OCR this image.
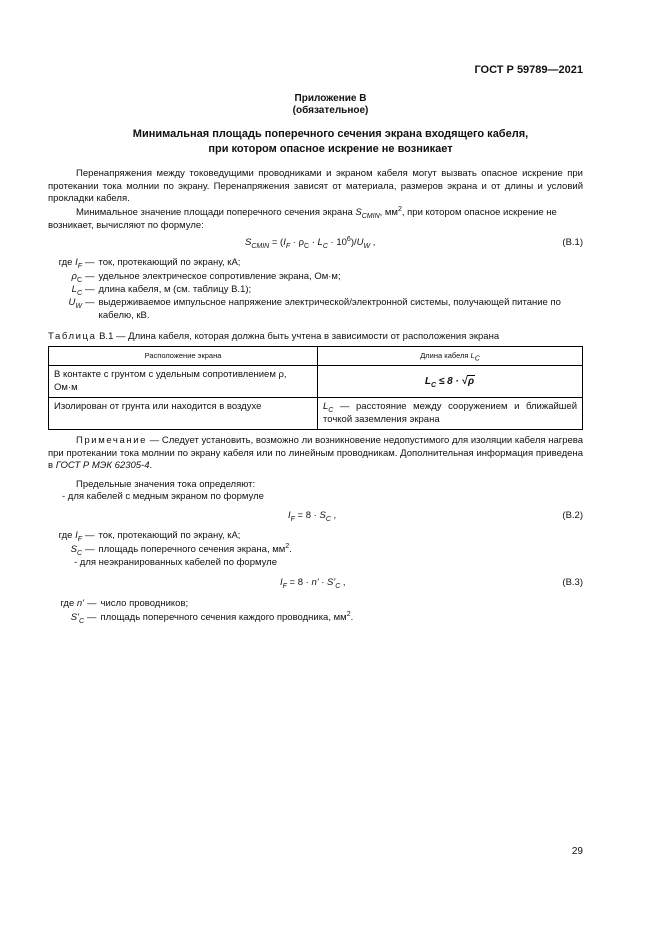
ГОСТ Р 59789—2021
Приложение В
(обязательное)
Минимальная площадь поперечного сечения экрана входящего кабеля,
при котором опасное искрение не возникает
Перенапряжения между токоведущими проводниками и экраном кабеля могут вызвать опасное искрение при протекании тока молнии по экрану. Перенапряжения зависят от материала, размеров экрана и от длины и условий прокладки кабеля.
Минимальное значение площади поперечного сечения экрана $S_{CMIN}$, $мм^2$, при котором опасное искрение не возникает, вычисляют по формуле:
$S_{CMIN} = (I_F \cdot \rho_C \cdot L_C \cdot 10^6)/U_W$ ,	(B.1)
где $I_F$ — ток, протекающий по экрану, кА;
$\rho_C$ — удельное электрическое сопротивление экрана, Ом·м;
$L_C$ — длина кабеля, м (см. таблицу В.1);
$U_W$ — выдерживаемое импульсное напряжение электрической/электронной системы, получающей питание по кабелю, кВ.
Таблица В.1 — Длина кабеля, которая должна быть учтена в зависимости от расположения экрана
Расположение экрана	Длина кабеля $L_C$
В контакте с грунтом с удельным сопротивлением ρ, Ом·м	$L_C \le 8 \cdot √\rho$
Изолирован от грунта или находится в воздухе	$L_C$ — расстояние между сооружением и ближайшей точкой заземления экрана
Примечание — Следует установить, возможно ли возникновение недопустимого для изоляции кабеля нагрева при протекании тока молнии по экрану кабеля или по линейным проводникам. Дополнительная информация приведена в ГОСТ Р МЭК 62305-4.
Предельные значения тока определяют:
- для кабелей с медным экраном по формуле
$I_F = 8 \cdot S_C$ ,	(B.2)
где $I_F$ — ток, протекающий по экрану, кА;
$S_C$ — площадь поперечного сечения экрана, $мм^2$.
- для неэкранированных кабелей по формуле
$I_F = 8 \cdot n' \cdot S'_C$ ,	(B.3)
где n' — число проводников;
$S'_C$ — площадь поперечного сечения каждого проводника, $мм^2$.
29
